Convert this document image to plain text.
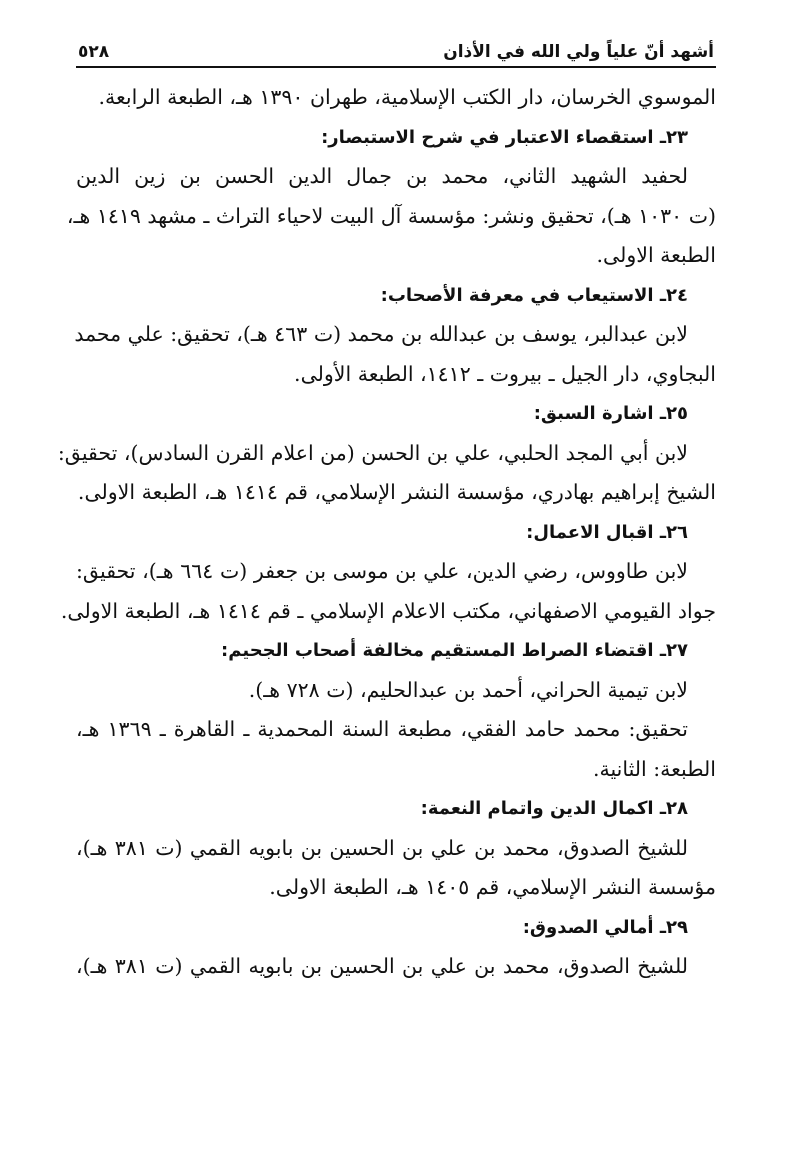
أشهد أنّ علياً ولي الله في الأذان
٥٢٨
الموسوي الخرسان، دار الكتب الإسلامية، طهران ١٣٩٠ هـ، الطبعة الرابعة.
٢٣ـ استقصاء الاعتبار في شرح الاستبصار:
لحفيد الشهيد الثاني، محمد بن جمال الدين الحسن بن زين الدين
(ت ١٠٣٠ هـ)، تحقيق ونشر: مؤسسة آل البيت لاحياء التراث ـ مشهد ١٤١٩ هـ،
الطبعة الاولى.
٢٤ـ الاستيعاب في معرفة الأصحاب:
لابن عبدالبر، يوسف بن عبدالله بن محمد (ت ٤٦٣ هـ)، تحقيق: علي محمد
البجاوي، دار الجيل ـ بيروت ـ ١٤١٢، الطبعة الأولى.
٢٥ـ اشارة السبق:
لابن أبي المجد الحلبي، علي بن الحسن (من اعلام القرن السادس)، تحقيق:
الشيخ إبراهيم بهادري، مؤسسة النشر الإسلامي، قم ١٤١٤ هـ، الطبعة الاولى.
٢٦ـ اقبال الاعمال:
لابن طاووس، رضي الدين، علي بن موسى بن جعفر (ت ٦٦٤ هـ)، تحقيق:
جواد القيومي الاصفهاني، مكتب الاعلام الإسلامي ـ قم ١٤١٤ هـ، الطبعة الاولى.
٢٧ـ اقتضاء الصراط المستقيم مخالفة أصحاب الجحيم:
لابن تيمية الحراني، أحمد بن عبدالحليم، (ت ٧٢٨ هـ).
تحقيق: محمد حامد الفقي، مطبعة السنة المحمدية ـ القاهرة ـ ١٣٦٩ هـ،
الطبعة: الثانية.
٢٨ـ اكمال الدين واتمام النعمة:
للشيخ الصدوق، محمد بن علي بن الحسين بن بابويه القمي (ت ٣٨١ هـ)،
مؤسسة النشر الإسلامي، قم ١٤٠٥ هـ، الطبعة الاولى.
٢٩ـ أمالي الصدوق:
للشيخ الصدوق، محمد بن علي بن الحسين بن بابويه القمي (ت ٣٨١ هـ)،
